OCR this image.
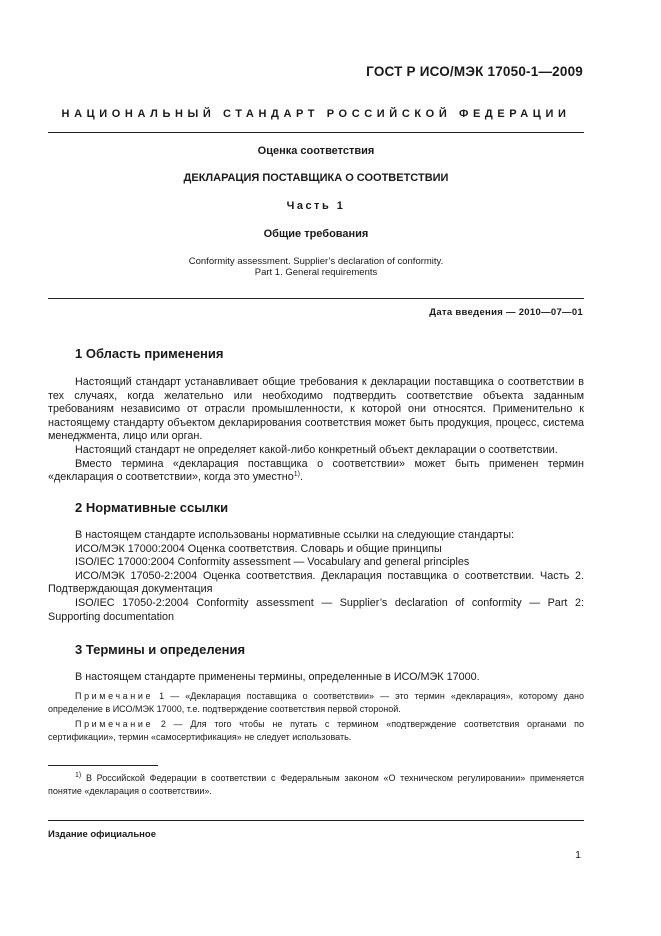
ГОСТ Р ИСО/МЭК 17050-1—2009
НАЦИОНАЛЬНЫЙ СТАНДАРТ РОССИЙСКОЙ ФЕДЕРАЦИИ
Оценка соответствия
ДЕКЛАРАЦИЯ ПОСТАВЩИКА О СООТВЕТСТВИИ
Часть 1
Общие требования
Conformity assessment. Supplier’s declaration of conformity.
Part 1. General requirements
Дата введения — 2010—07—01
1 Область применения

Настоящий стандарт устанавливает общие требования к декларации поставщика о соответствии в тех случаях, когда желательно или необходимо подтвердить соответствие объекта заданным требованиям независимо от отрасли промышленности, к которой они относятся. Применительно к настоящему стандарту объектом декларирования соответствия может быть продукция, процесс, система менеджмента, лицо или орган.

Настоящий стандарт не определяет какой-либо конкретный объект декларации о соответствии.

Вместо термина «декларация поставщика о соответствии» может быть применен термин «декларация о соответствии», когда это уместно$^{1)}$.

2 Нормативные ссылки

В настоящем стандарте использованы нормативные ссылки на следующие стандарты:

ИСО/МЭК 17000:2004 Оценка соответствия. Словарь и общие принципы

ISO/IEC 17000:2004 Conformity assessment — Vocabulary and general principles

ИСО/МЭК 17050-2:2004 Оценка соответствия. Декларация поставщика о соответствии. Часть 2. Подтверждающая документация

ISO/IEC 17050-2:2004 Conformity assessment — Supplier’s declaration of conformity — Part 2: Supporting documentation

3 Термины и определения

В настоящем стандарте применены термины, определенные в ИСО/МЭК 17000.

Примечание 1 — «Декларация поставщика о соответствии» — это термин «декларация», которому дано определение в ИСО/МЭК 17000, т.е. подтверждение соответствия первой стороной.

Примечание 2 — Для того чтобы не путать с термином «подтверждение соответствия органами по сертификации», термин «самосертификация» не следует использовать.

$^{1)}$ В Российской Федерации в соответствии с Федеральным законом «О техническом регулировании» применяется понятие «декларация о соответствии».

Издание официальное
1
